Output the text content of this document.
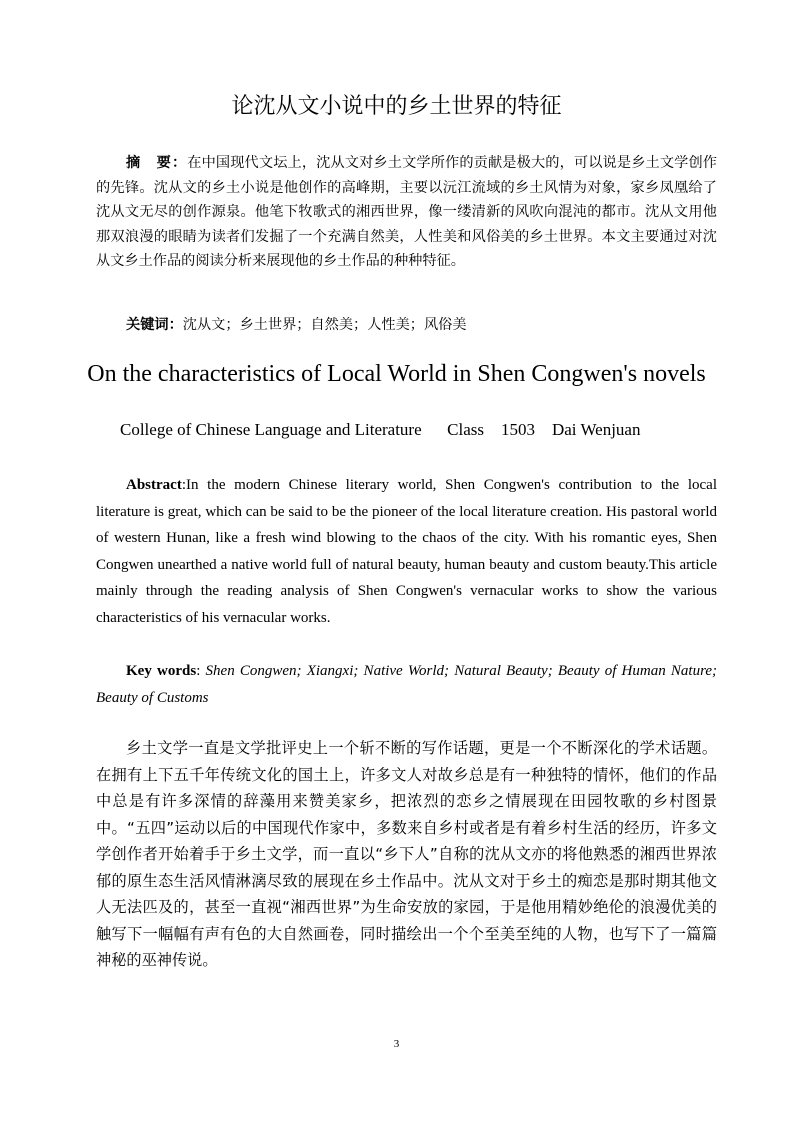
论沈从文小说中的乡土世界的特征

摘　要：在中国现代文坛上，沈从文对乡土文学所作的贡献是极大的，可以说是乡土文学创作的先锋。沈从文的乡土小说是他创作的高峰期，主要以沅江流域的乡土风情为对象，家乡凤凰给了沈从文无尽的创作源泉。他笔下牧歌式的湘西世界，像一缕清新的风吹向混沌的都市。沈从文用他那双浪漫的眼睛为读者们发掘了一个充满自然美，人性美和风俗美的乡土世界。本文主要通过对沈从文乡土作品的阅读分析来展现他的乡土作品的种种特征。

关键词：沈从文；乡土世界；自然美；人性美；风俗美
On the characteristics of Local World in Shen Congwen's novels
College of Chinese Language and Literature      Class    1503    Dai Wenjuan

Abstract:In the modern Chinese literary world, Shen Congwen's contribution to the local literature is great, which can be said to be the pioneer of the local literature creation. His pastoral world of western Hunan, like a fresh wind blowing to the chaos of the city. With his romantic eyes, Shen Congwen unearthed a native world full of natural beauty, human beauty and custom beauty.This article mainly through the reading analysis of Shen Congwen's vernacular works to show the various characteristics of his vernacular works.

Key words: Shen Congwen; Xiangxi; Native World; Natural Beauty; Beauty of Human Nature; Beauty of Customs

乡土文学一直是文学批评史上一个斩不断的写作话题，更是一个不断深化的学术话题。在拥有上下五千年传统文化的国土上，许多文人对故乡总是有一种独特的情怀，他们的作品中总是有许多深情的辞藻用来赞美家乡，把浓烈的恋乡之情展现在田园牧歌的乡村图景中。“五四”运动以后的中国现代作家中，多数来自乡村或者是有着乡村生活的经历，许多文学创作者开始着手于乡土文学，而一直以“乡下人”自称的沈从文亦的将他熟悉的湘西世界浓郁的原生态生活风情淋漓尽致的展现在乡土作品中。沈从文对于乡土的痴恋是那时期其他文人无法匹及的，甚至一直视“湘西世界”为生命安放的家园，于是他用精妙绝伦的浪漫优美的触写下一幅幅有声有色的大自然画卷，同时描绘出一个个至美至纯的人物，也写下了一篇篇神秘的巫神传说。

3
